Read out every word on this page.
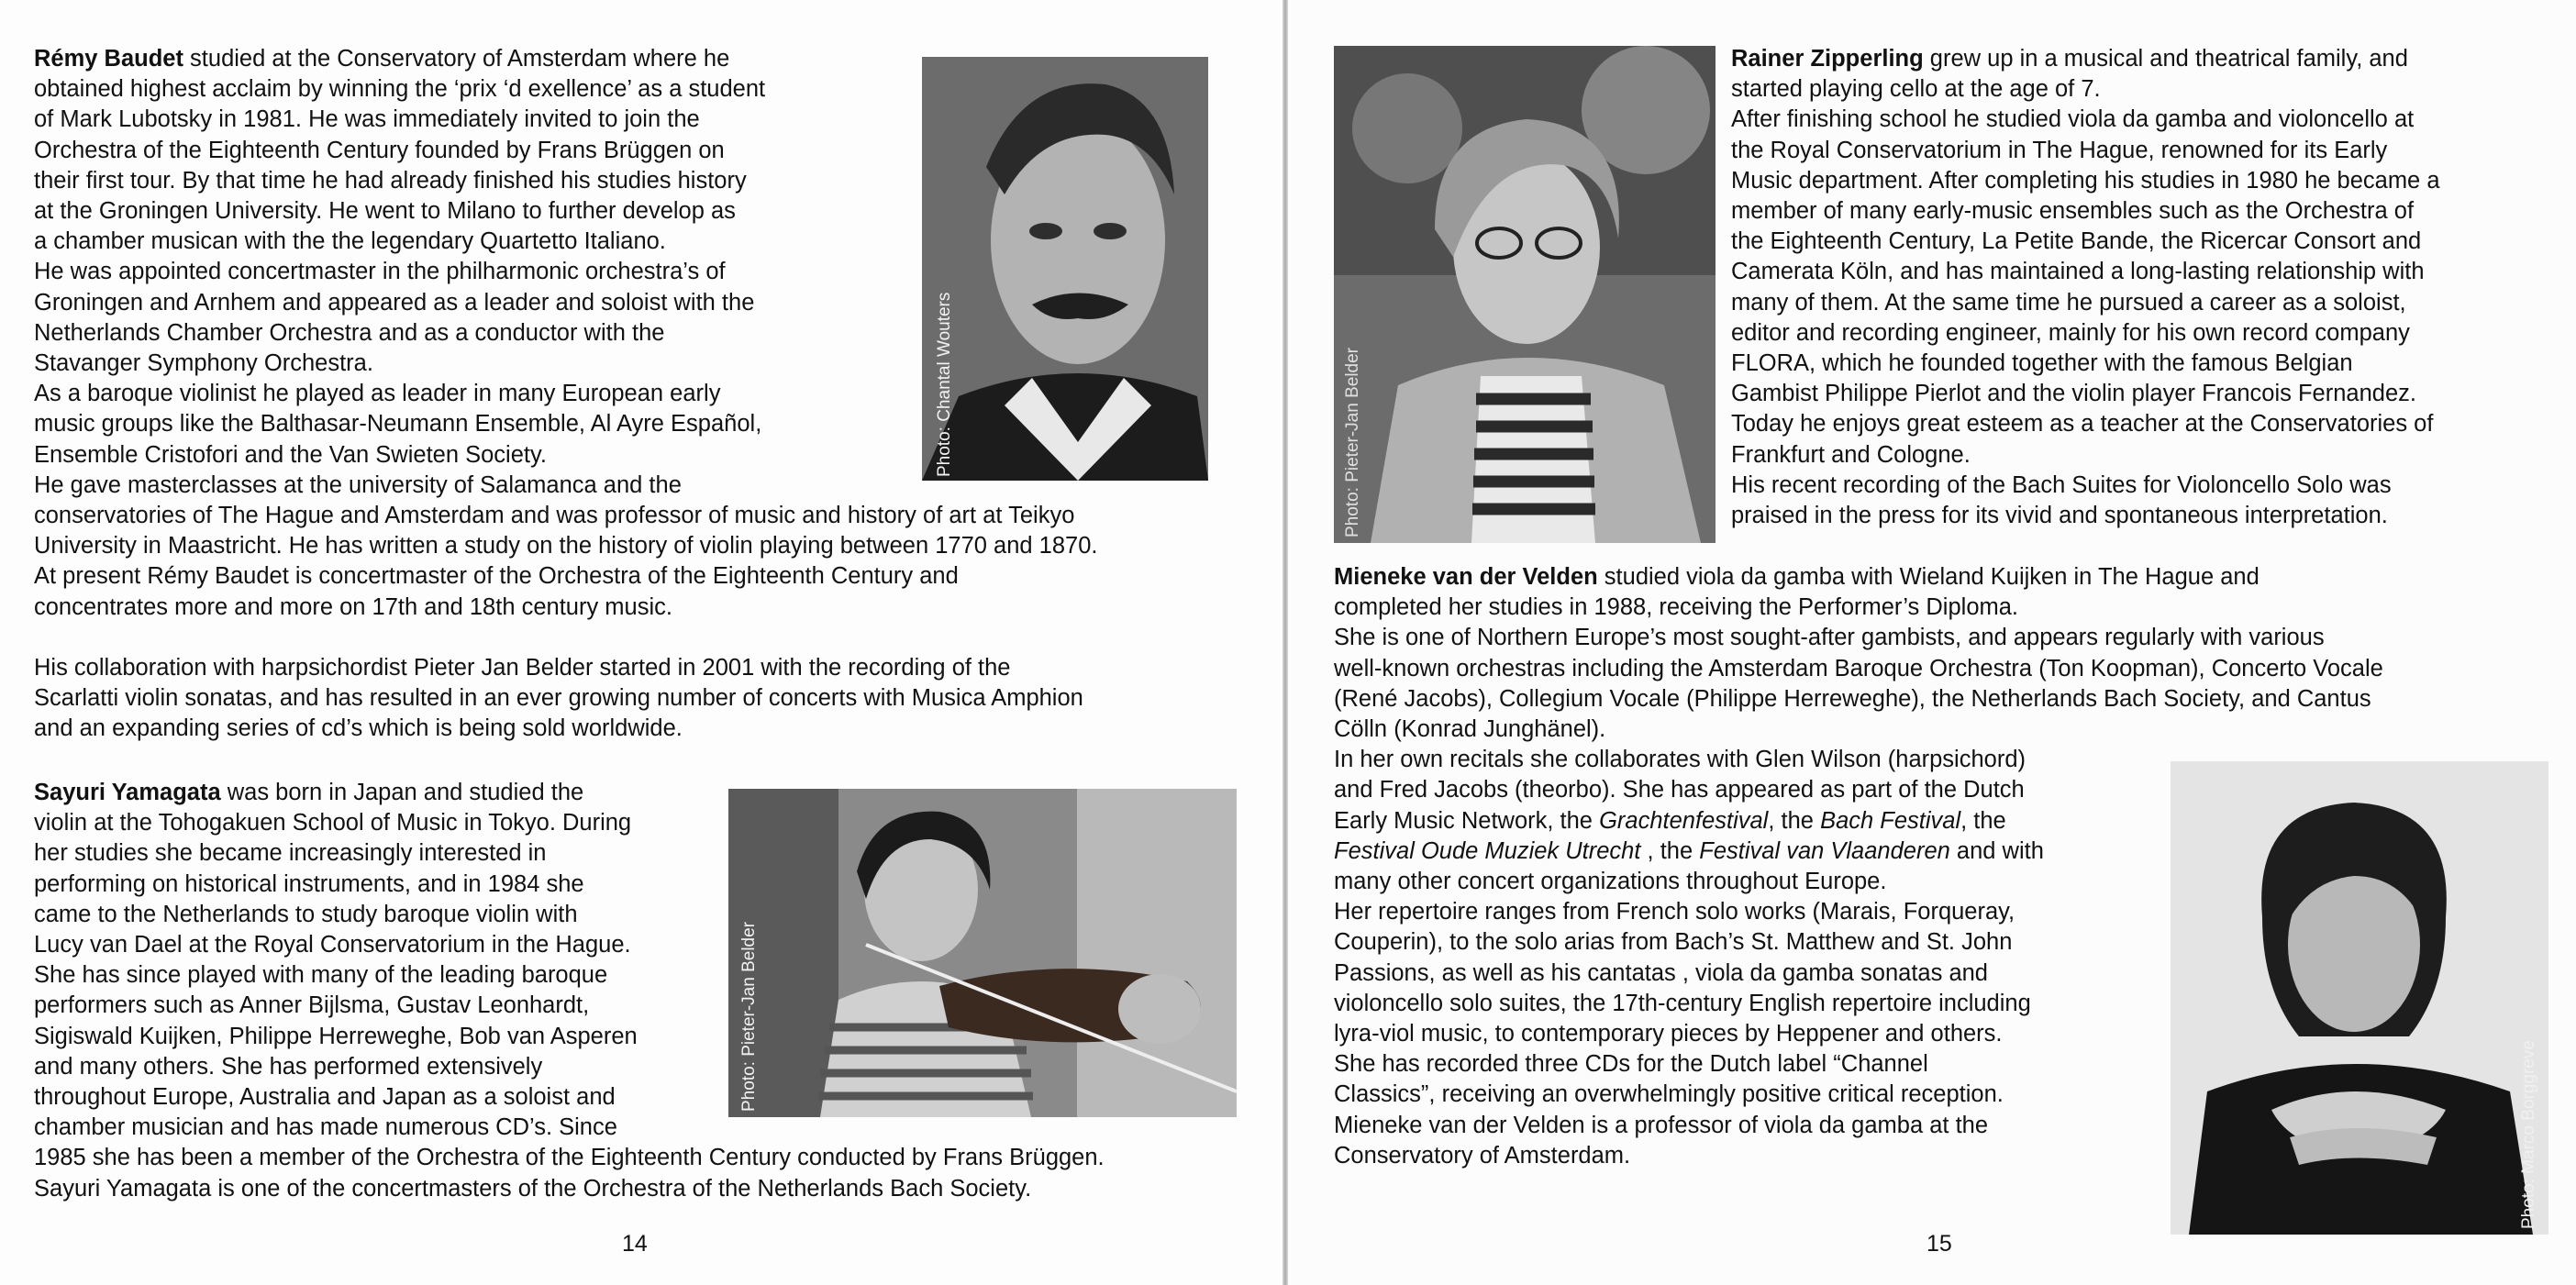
Rémy Baudet studied at the Conservatory of Amsterdam where he

obtained highest acclaim by winning the ‘prix ‘d exellence’ as a student

of Mark Lubotsky in 1981. He was immediately invited to join the

Orchestra of the Eighteenth Century founded by Frans Brüggen on

their first tour. By that time he had already finished his studies history

at the Groningen University. He went to Milano to further develop as

a chamber musican with the the legendary Quartetto Italiano.

He was appointed concertmaster in the philharmonic orchestra’s of

Groningen and Arnhem and appeared as a leader and soloist with the

Netherlands Chamber Orchestra and as a conductor with the

Stavanger Symphony Orchestra.

As a baroque violinist he played as leader in many European early

music groups like the Balthasar-Neumann Ensemble, Al Ayre Español,

Ensemble Cristofori and the Van Swieten Society.

He gave masterclasses at the university of Salamanca and the

conservatories of The Hague and Amsterdam and was professor of music and history of art at Teikyo

University in Maastricht. He has written a study on the history of violin playing between 1770 and 1870.

At present Rémy Baudet is concertmaster of the Orchestra of the Eighteenth Century and

concentrates more and more on 17th and 18th century music.

His collaboration with harpsichordist Pieter Jan Belder started in 2001 with the recording of the

Scarlatti violin sonatas, and has resulted in an ever growing number of concerts with Musica Amphion

and an expanding series of cd’s which is being sold worldwide.

Photo: Chantal Wouters

Sayuri Yamagata was born in Japan and studied the

violin at the Tohogakuen School of Music in Tokyo. During

her studies she became increasingly interested in

performing on historical instruments, and in 1984 she

came to the Netherlands to study baroque violin with

Lucy van Dael at the Royal Conservatorium in the Hague.

She has since played with many of the leading baroque

performers such as Anner Bijlsma, Gustav Leonhardt,

Sigiswald Kuijken, Philippe Herreweghe, Bob van Asperen

and many others. She has performed extensively

throughout Europe, Australia and Japan as a soloist and

chamber musician and has made numerous CD’s. Since

1985 she has been a member of the Orchestra of the Eighteenth Century conducted by Frans Brüggen.

Sayuri Yamagata is one of the concertmasters of the Orchestra of the Netherlands Bach Society.

Photo: Pieter-Jan Belder
14
Photo: Pieter-Jan Belder

Rainer Zipperling grew up in a musical and theatrical family, and

started playing cello at the age of 7.

After finishing school he studied viola da gamba and violoncello at

the Royal Conservatorium in The Hague, renowned for its Early

Music department. After completing his studies in 1980 he became a

member of many early-music ensembles such as the Orchestra of

the Eighteenth Century, La Petite Bande, the Ricercar Consort and

Camerata Köln, and has maintained a long-lasting relationship with

many of them. At the same time he pursued a career as a soloist,

editor and recording engineer, mainly for his own record company

FLORA, which he founded together with the famous Belgian

Gambist Philippe Pierlot and the violin player Francois Fernandez.

Today he enjoys great esteem as a teacher at the Conservatories of

Frankfurt and Cologne.

His recent recording of the Bach Suites for Violoncello Solo was

praised in the press for its vivid and spontaneous interpretation.

Mieneke van der Velden studied viola da gamba with Wieland Kuijken in The Hague and

completed her studies in 1988, receiving the Performer’s Diploma.

She is one of Northern Europe’s most sought-after gambists, and appears regularly with various

well-known orchestras including the Amsterdam Baroque Orchestra (Ton Koopman), Concerto Vocale

(René Jacobs), Collegium Vocale (Philippe Herreweghe), the Netherlands Bach Society, and Cantus

Cölln (Konrad Junghänel).

In her own recitals she collaborates with Glen Wilson (harpsichord)

and Fred Jacobs (theorbo). She has appeared as part of the Dutch

Early Music Network, the Grachtenfestival, the Bach Festival, the

Festival Oude Muziek Utrecht , the Festival van Vlaanderen and with

many other concert organizations throughout Europe.

Her repertoire ranges from French solo works (Marais, Forqueray,

Couperin), to the solo arias from Bach’s St. Matthew and St. John

Passions, as well as his cantatas , viola da gamba sonatas and

violoncello solo suites, the 17th-century English repertoire including

lyra-viol music, to contemporary pieces by Heppener and others.

She has recorded three CDs for the Dutch label “Channel

Classics”, receiving an overwhelmingly positive critical reception.

Mieneke van der Velden is a professor of viola da gamba at the

Conservatory of Amsterdam.	Photo: Marco Borggreve
15
